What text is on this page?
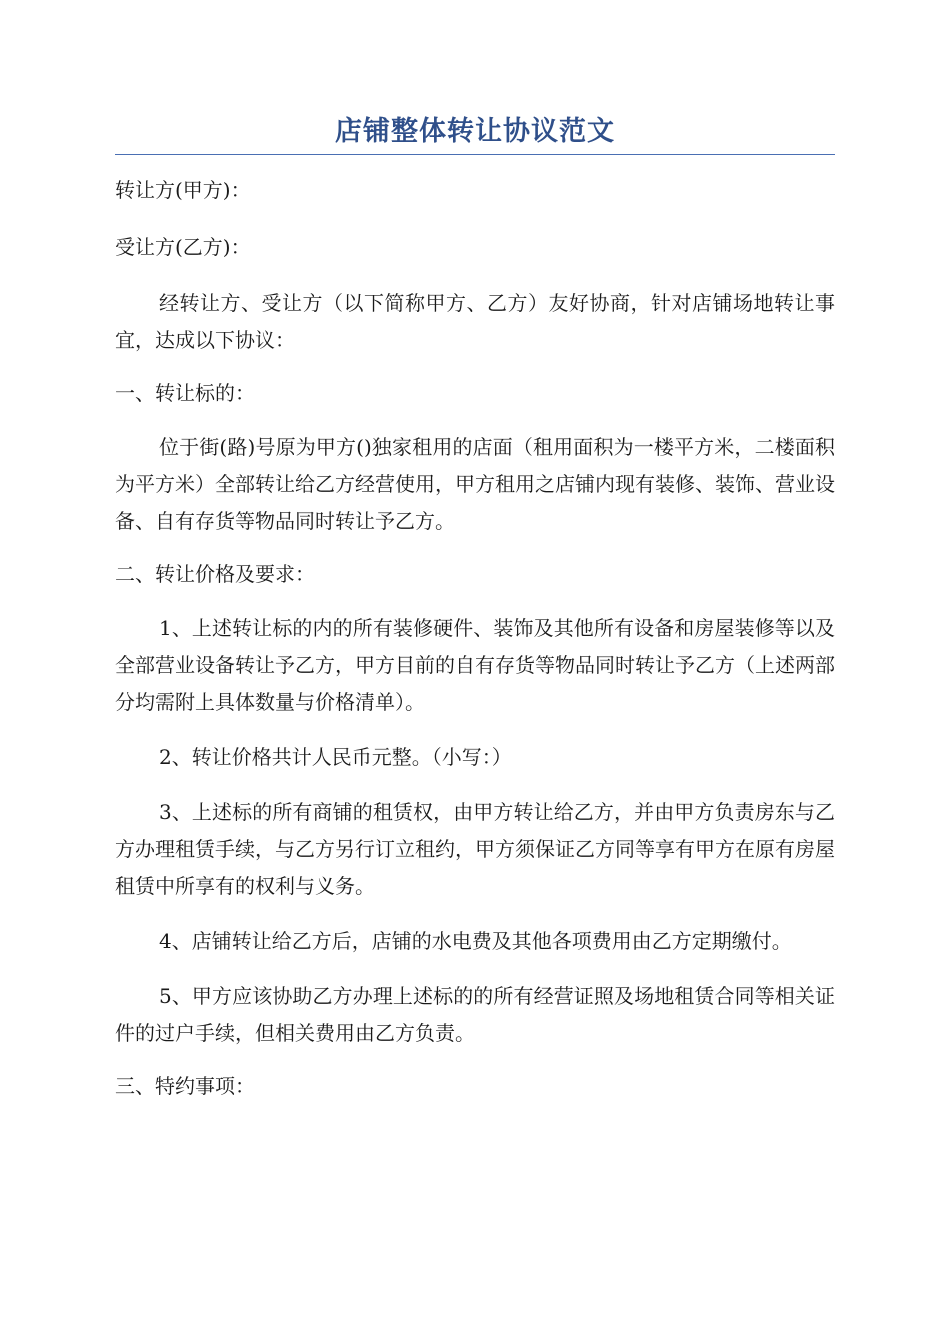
店铺整体转让协议范文

转让方(甲方)：

受让方(乙方)：

经转让方、受让方（以下简称甲方、乙方）友好协商，针对店铺场地转让事宜，达成以下协议：

一、转让标的：

位于街(路)号原为甲方()独家租用的店面（租用面积为一楼平方米，二楼面积为平方米）全部转让给乙方经营使用，甲方租用之店铺内现有装修、装饰、营业设备、自有存货等物品同时转让予乙方。

二、转让价格及要求：

1、上述转让标的内的所有装修硬件、装饰及其他所有设备和房屋装修等以及全部营业设备转让予乙方，甲方目前的自有存货等物品同时转让予乙方（上述两部分均需附上具体数量与价格清单）。

2、转让价格共计人民币元整。（小写：）

3、上述标的所有商铺的租赁权，由甲方转让给乙方，并由甲方负责房东与乙方办理租赁手续，与乙方另行订立租约，甲方须保证乙方同等享有甲方在原有房屋租赁中所享有的权利与义务。

4、店铺转让给乙方后，店铺的水电费及其他各项费用由乙方定期缴付。

5、甲方应该协助乙方办理上述标的的所有经营证照及场地租赁合同等相关证件的过户手续，但相关费用由乙方负责。

三、特约事项：
